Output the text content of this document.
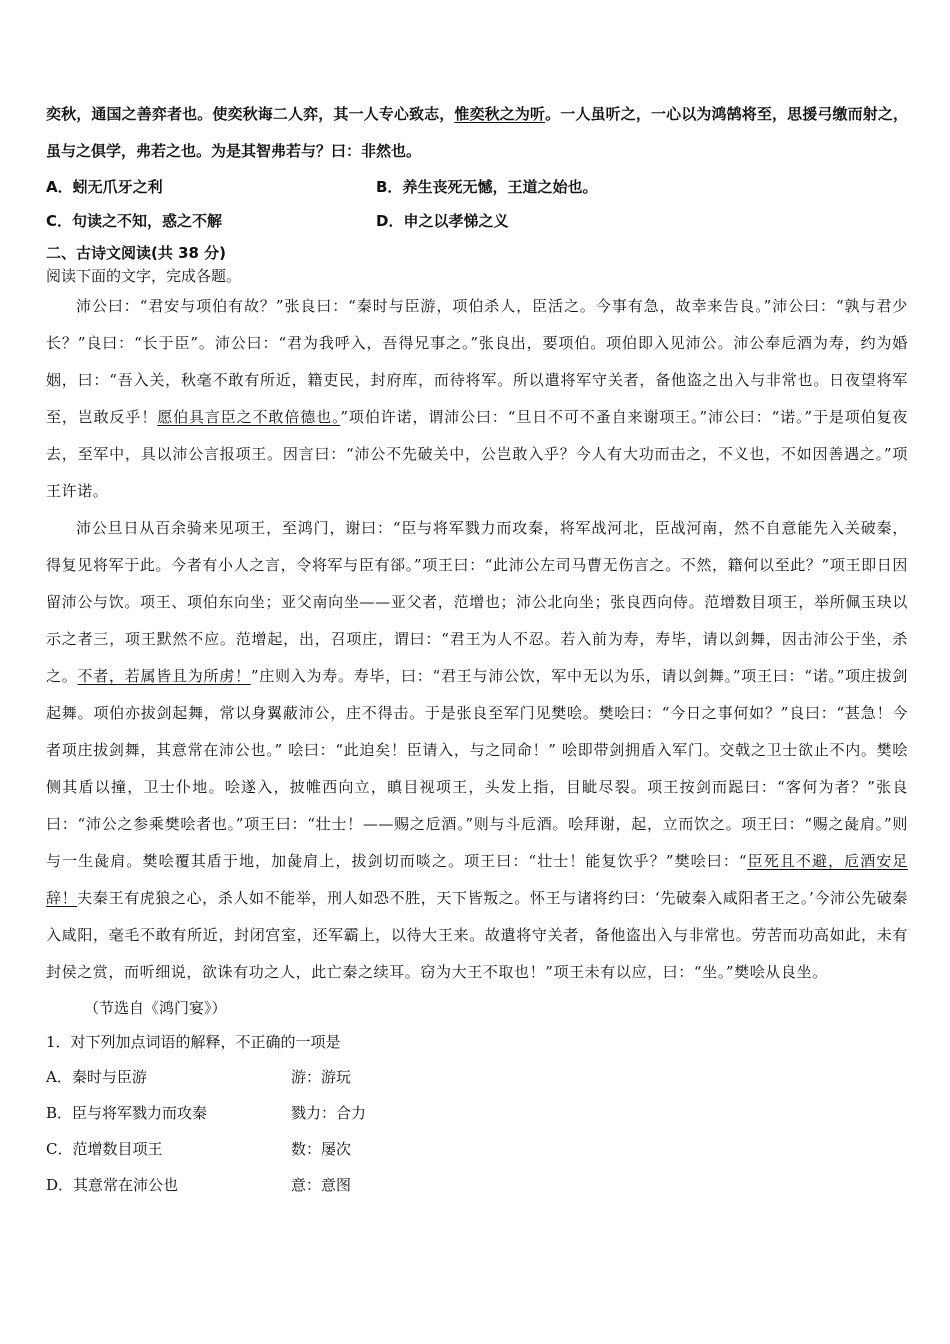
奕秋，通国之善弈者也。使奕秋诲二人弈，其一人专心致志，惟奕秋之为听。一人虽听之，一心以为鸿鹄将至，思援弓缴而射之，虽与之俱学，弗若之也。为是其智弗若与？曰：非然也。

A．蚓无爪牙之利	B．养生丧死无憾，王道之始也。
C．句读之不知，惑之不解	D．申之以孝悌之义
二、古诗文阅读(共 38 分)
阅读下面的文字，完成各题。

沛公曰：“君安与项伯有故？”张良曰：“秦时与臣游，项伯杀人，臣活之。今事有急，故幸来告良。”沛公曰：“孰与君少长？”良曰：“长于臣”。沛公曰：“君为我呼入，吾得兄事之。”张良出，要项伯。项伯即入见沛公。沛公奉卮酒为寿，约为婚姻，曰：“吾入关，秋毫不敢有所近，籍吏民，封府库，而待将军。所以遣将军守关者，备他盗之出入与非常也。日夜望将军至，岂敢反乎！愿伯具言臣之不敢倍德也。”项伯许诺，谓沛公曰：“旦日不可不蚤自来谢项王。”沛公曰：“诺。”于是项伯复夜去，至军中，具以沛公言报项王。因言曰：“沛公不先破关中，公岂敢入乎？今人有大功而击之，不义也，不如因善遇之。”项王许诺。

沛公旦日从百余骑来见项王，至鸿门，谢曰：“臣与将军戮力而攻秦，将军战河北，臣战河南，然不自意能先入关破秦，得复见将军于此。今者有小人之言，令将军与臣有郤。”项王曰：“此沛公左司马曹无伤言之。不然，籍何以至此？”项王即日因留沛公与饮。项王、项伯东向坐；亚父南向坐——亚父者，范增也；沛公北向坐；张良西向侍。范增数目项王，举所佩玉玦以示之者三，项王默然不应。范增起，出，召项庄，谓曰：“君王为人不忍。若入前为寿，寿毕，请以剑舞，因击沛公于坐，杀之。不者，若属皆且为所虏！”庄则入为寿。寿毕，曰：“君王与沛公饮，军中无以为乐，请以剑舞。”项王曰：“诺。”项庄拔剑起舞。项伯亦拔剑起舞，常以身翼蔽沛公，庄不得击。于是张良至军门见樊哙。樊哙曰：“今日之事何如？”良曰：“甚急！今者项庄拔剑舞，其意常在沛公也。” 哙曰：“此迫矣！臣请入，与之同命！” 哙即带剑拥盾入军门。交戟之卫士欲止不内。樊哙侧其盾以撞，卫士仆地。哙遂入，披帷西向立，瞋目视项王，头发上指，目眦尽裂。项王按剑而跽曰：“客何为者？”张良曰：“沛公之参乘樊哙者也。”项王曰：“壮士！——赐之卮酒。”则与斗卮酒。哙拜谢，起，立而饮之。项王曰：“赐之彘肩。”则与一生彘肩。樊哙覆其盾于地，加彘肩上，拔剑切而啖之。项王曰：“壮士！能复饮乎？”樊哙曰：“臣死且不避，卮酒安足辞！夫秦王有虎狼之心，杀人如不能举，刑人如恐不胜，天下皆叛之。怀王与诸将约曰：‘先破秦入咸阳者王之。’今沛公先破秦入咸阳，毫毛不敢有所近，封闭宫室，还军霸上，以待大王来。故遣将守关者，备他盗出入与非常也。劳苦而功高如此，未有封侯之赏，而听细说，欲诛有功之人，此亡秦之续耳。窃为大王不取也！”项王未有以应，曰：“坐。”樊哙从良坐。

（节选自《鸿门宴》）
1．对下列加点词语的解释，不正确的一项是
A．秦时与臣游	游：游玩
B．臣与将军戮力而攻秦	戮力：合力
C．范增数目项王	数：屡次
D．其意常在沛公也	意：意图
